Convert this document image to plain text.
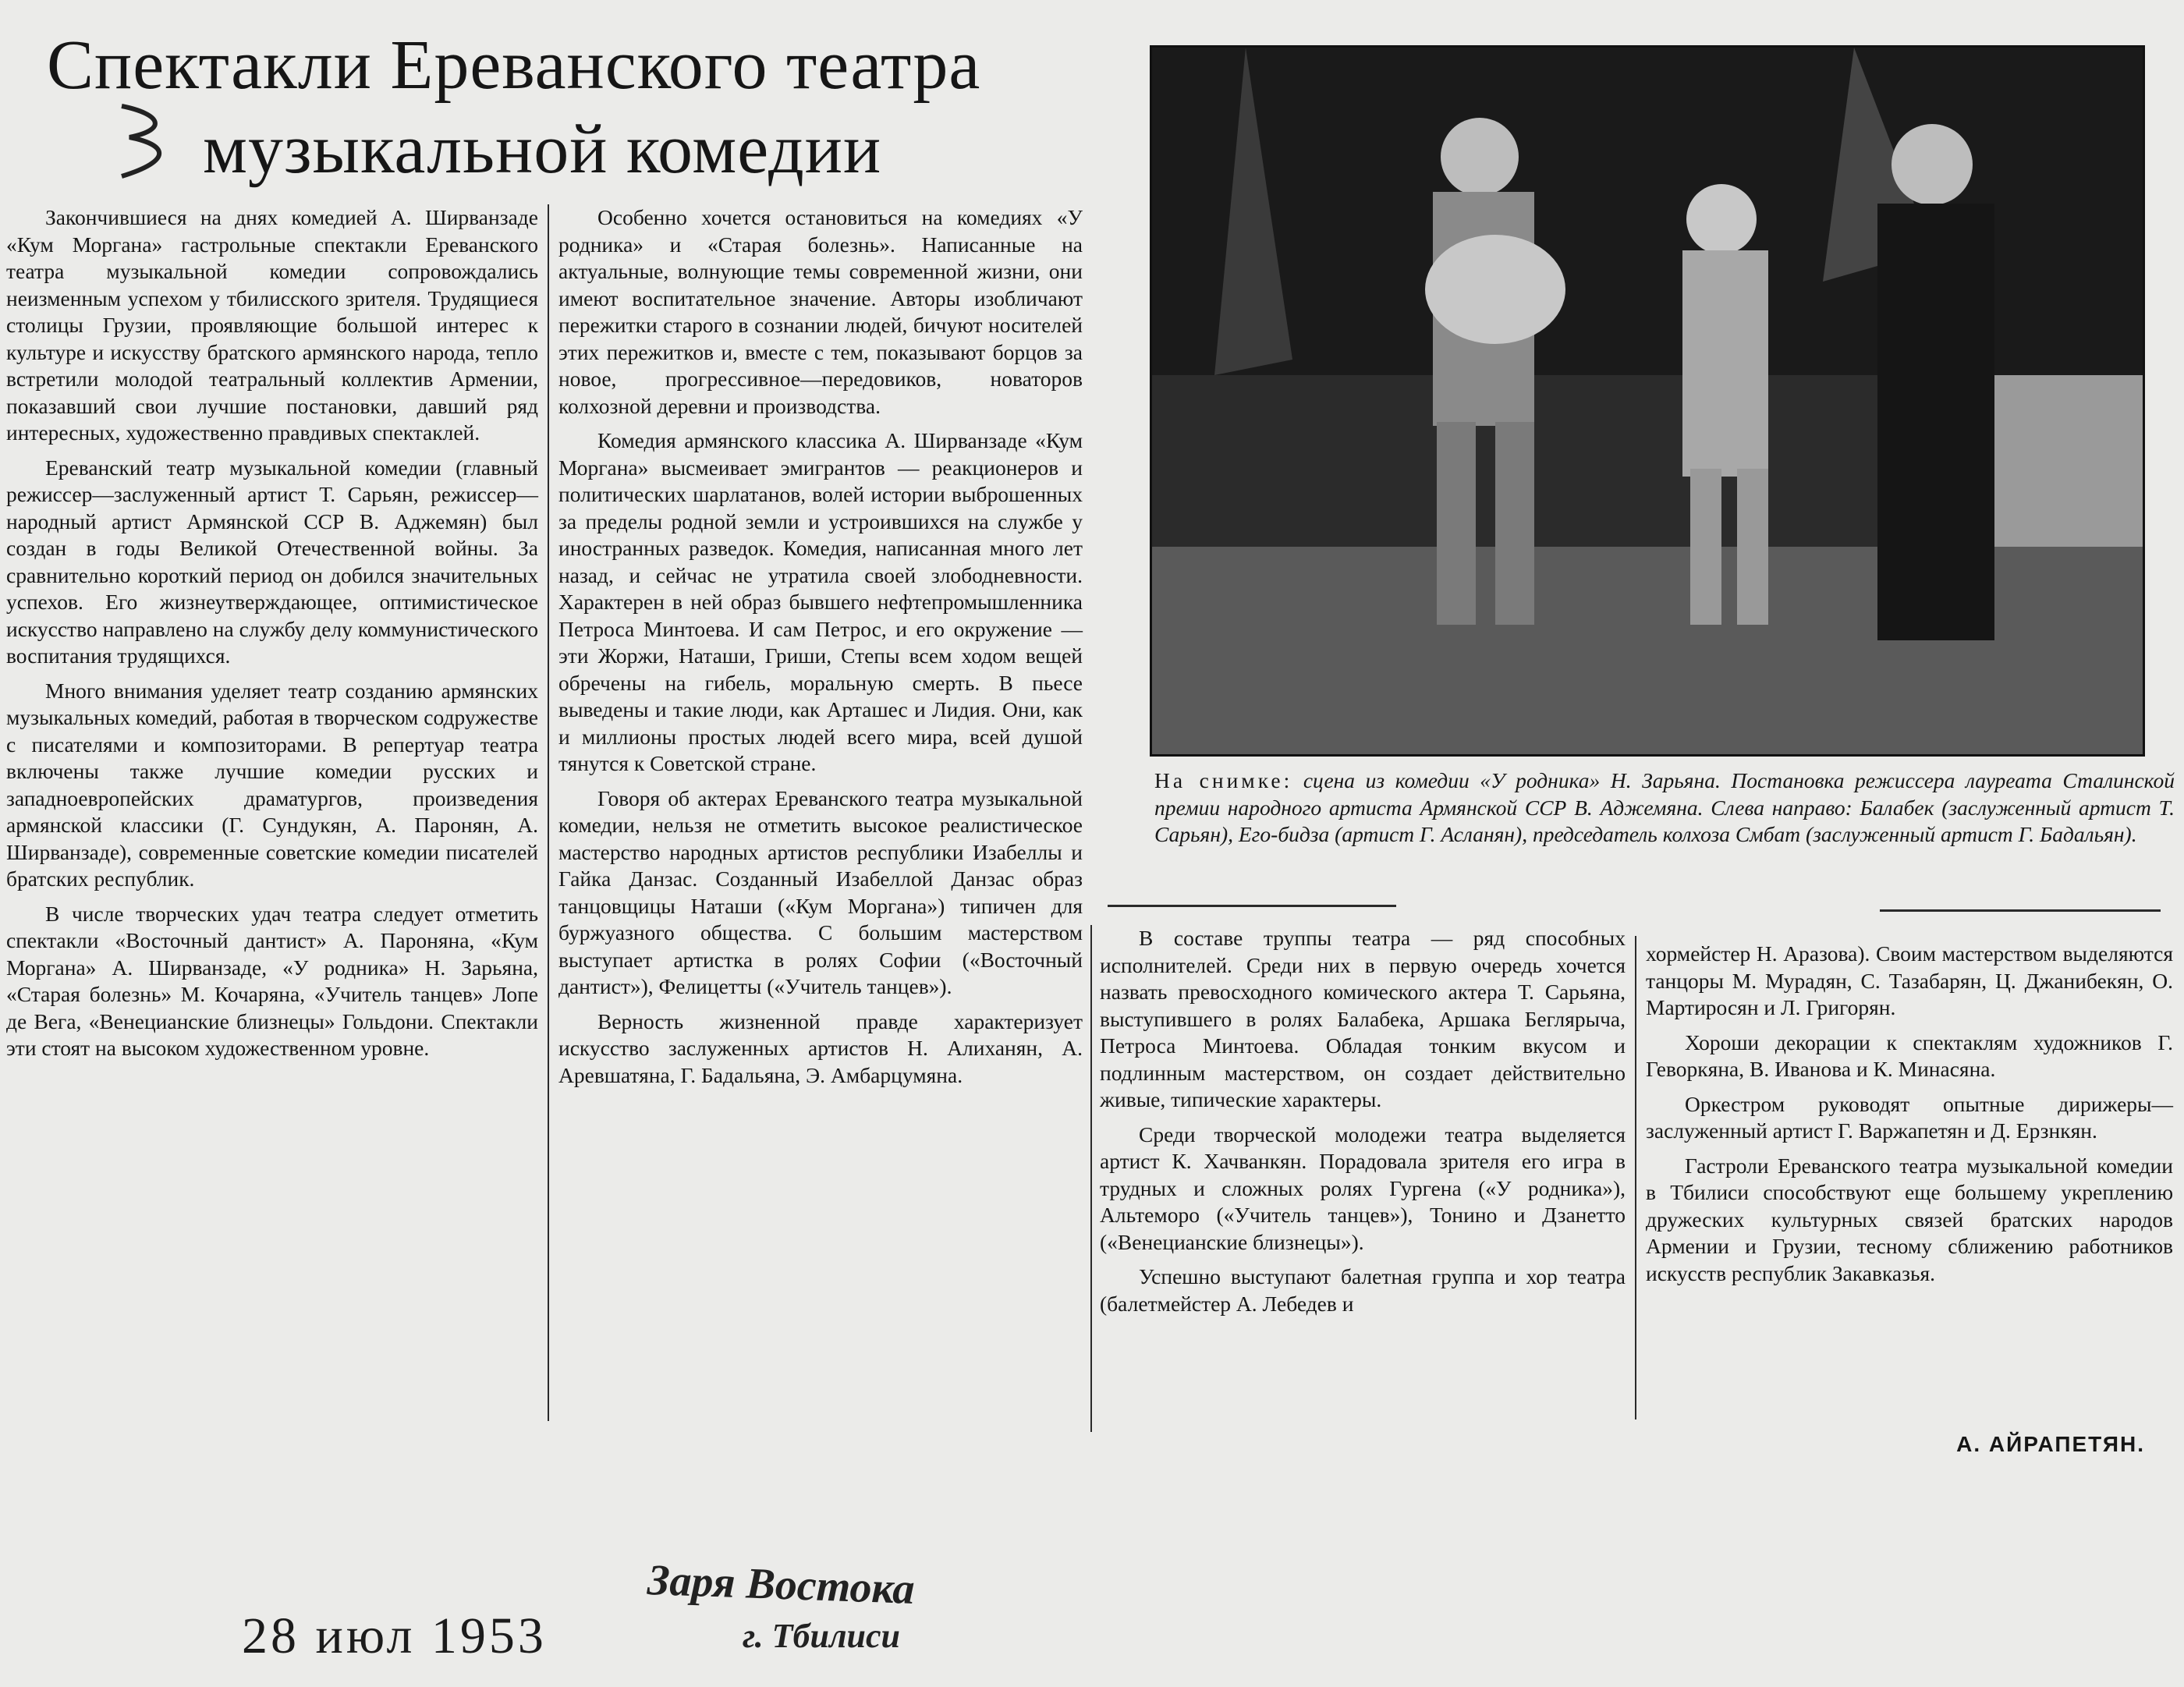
Спектакли Ереванского театра
музыкальной комедии

Закончившиеся на днях комедией А. Ширванзаде «Кум Моргана» гастрольные спектакли Ереванского театра музыкальной комедии сопровождались неизменным успехом у тбилисского зрителя. Трудящиеся столицы Грузии, проявляющие большой интерес к культуре и искусству братского армянского народа, тепло встретили молодой театральный коллектив Армении, показавший свои лучшие постановки, давший ряд интересных, художественно правдивых спектаклей.

Ереванский театр музыкальной комедии (главный режиссер—заслуженный артист Т. Сарьян, режиссер—народный артист Армянской ССР В. Аджемян) был создан в годы Великой Отечественной войны. За сравнительно короткий период он добился значительных успехов. Его жизнеутверждающее, оптимистическое искусство направлено на службу делу коммунистического воспитания трудящихся.

Много внимания уделяет театр созданию армянских музыкальных комедий, работая в творческом содружестве с писателями и композиторами. В репертуар театра включены также лучшие комедии русских и западноевропейских драматургов, произведения армянской классики (Г. Сундукян, А. Паронян, А. Ширванзаде), современные советские комедии писателей братских республик.

В числе творческих удач театра следует отметить спектакли «Восточный дантист» А. Пароняна, «Кум Моргана» А. Ширванзаде, «У родника» Н. Зарьяна, «Старая болезнь» М. Кочаряна, «Учитель танцев» Лопе де Вега, «Венецианские близнецы» Гольдони. Спектакли эти стоят на высоком художественном уровне.

Особенно хочется остановиться на комедиях «У родника» и «Старая болезнь». Написанные на актуальные, волнующие темы современной жизни, они имеют воспитательное значение. Авторы изобличают пережитки старого в сознании людей, бичуют носителей этих пережитков и, вместе с тем, показывают борцов за новое, прогрессивное—передовиков, новаторов колхозной деревни и производства.

Комедия армянского классика А. Ширванзаде «Кум Моргана» высмеивает эмигрантов — реакционеров и политических шарлатанов, волей истории выброшенных за пределы родной земли и устроившихся на службе у иностранных разведок. Комедия, написанная много лет назад, и сейчас не утратила своей злободневности. Характерен в ней образ бывшего нефтепромышленника Петроса Минтоева. И сам Петрос, и его окружение —эти Жоржи, Наташи, Гриши, Степы всем ходом вещей обречены на гибель, моральную смерть. В пьесе выведены и такие люди, как Арташес и Лидия. Они, как и миллионы простых людей всего мира, всей душой тянутся к Советской стране.

Говоря об актерах Ереванского театра музыкальной комедии, нельзя не отметить высокое реалистическое мастерство народных артистов республики Изабеллы и Гайка Данзас. Созданный Изабеллой Данзас образ танцовщицы Наташи («Кум Моргана») типичен для буржуазного общества. С большим мастерством выступает артистка в ролях Софии («Восточный дантист»), Фелицетты («Учитель танцев»).

Верность жизненной правде характеризует искусство заслуженных артистов Н. Алиханян, А. Аревшатяна, Г. Бадальяна, Э. Амбарцумяна.

На снимке: сцена из комедии «У родника» Н. Зарьяна. Постановка режиссера лауреата Сталинской премии народного артиста Армянской ССР В. Аджемяна. Слева направо: Балабек (заслуженный артист Т. Сарьян), Его-бидза (артист Г. Асланян), председатель колхоза Смбат (заслуженный артист Г. Бадальян).

В составе труппы театра — ряд способных исполнителей. Среди них в первую очередь хочется назвать превосходного комического актера Т. Сарьяна, выступившего в ролях Балабека, Аршака Беглярыча, Петроса Минтоева. Обладая тонким вкусом и подлинным мастерством, он создает действительно живые, типические характеры.

Среди творческой молодежи театра выделяется артист К. Хачванкян. Порадовала зрителя его игра в трудных и сложных ролях Гургена («У родника»), Альтеморо («Учитель танцев»), Тонино и Дзанетто («Венецианские близнецы»).

Успешно выступают балетная группа и хор театра (балетмейстер А. Лебедев и

хормейстер Н. Аразова). Своим мастерством выделяются танцоры М. Мурадян, С. Тазабарян, Ц. Джанибекян, О. Мартиросян и Л. Григорян.

Хороши декорации к спектаклям художников Г. Геворкяна, В. Иванова и К. Минасяна.

Оркестром руководят опытные дирижеры—заслуженный артист Г. Варжапетян и Д. Ерзнкян.

Гастроли Ереванского театра музыкальной комедии в Тбилиси способствуют еще большему укреплению дружеских культурных связей братских народов Армении и Грузии, тесному сближению работников искусств республик Закавказья.

А. АЙРАПЕТЯН.
Заря Востока
г. Тбилиси
28 июл 1953
